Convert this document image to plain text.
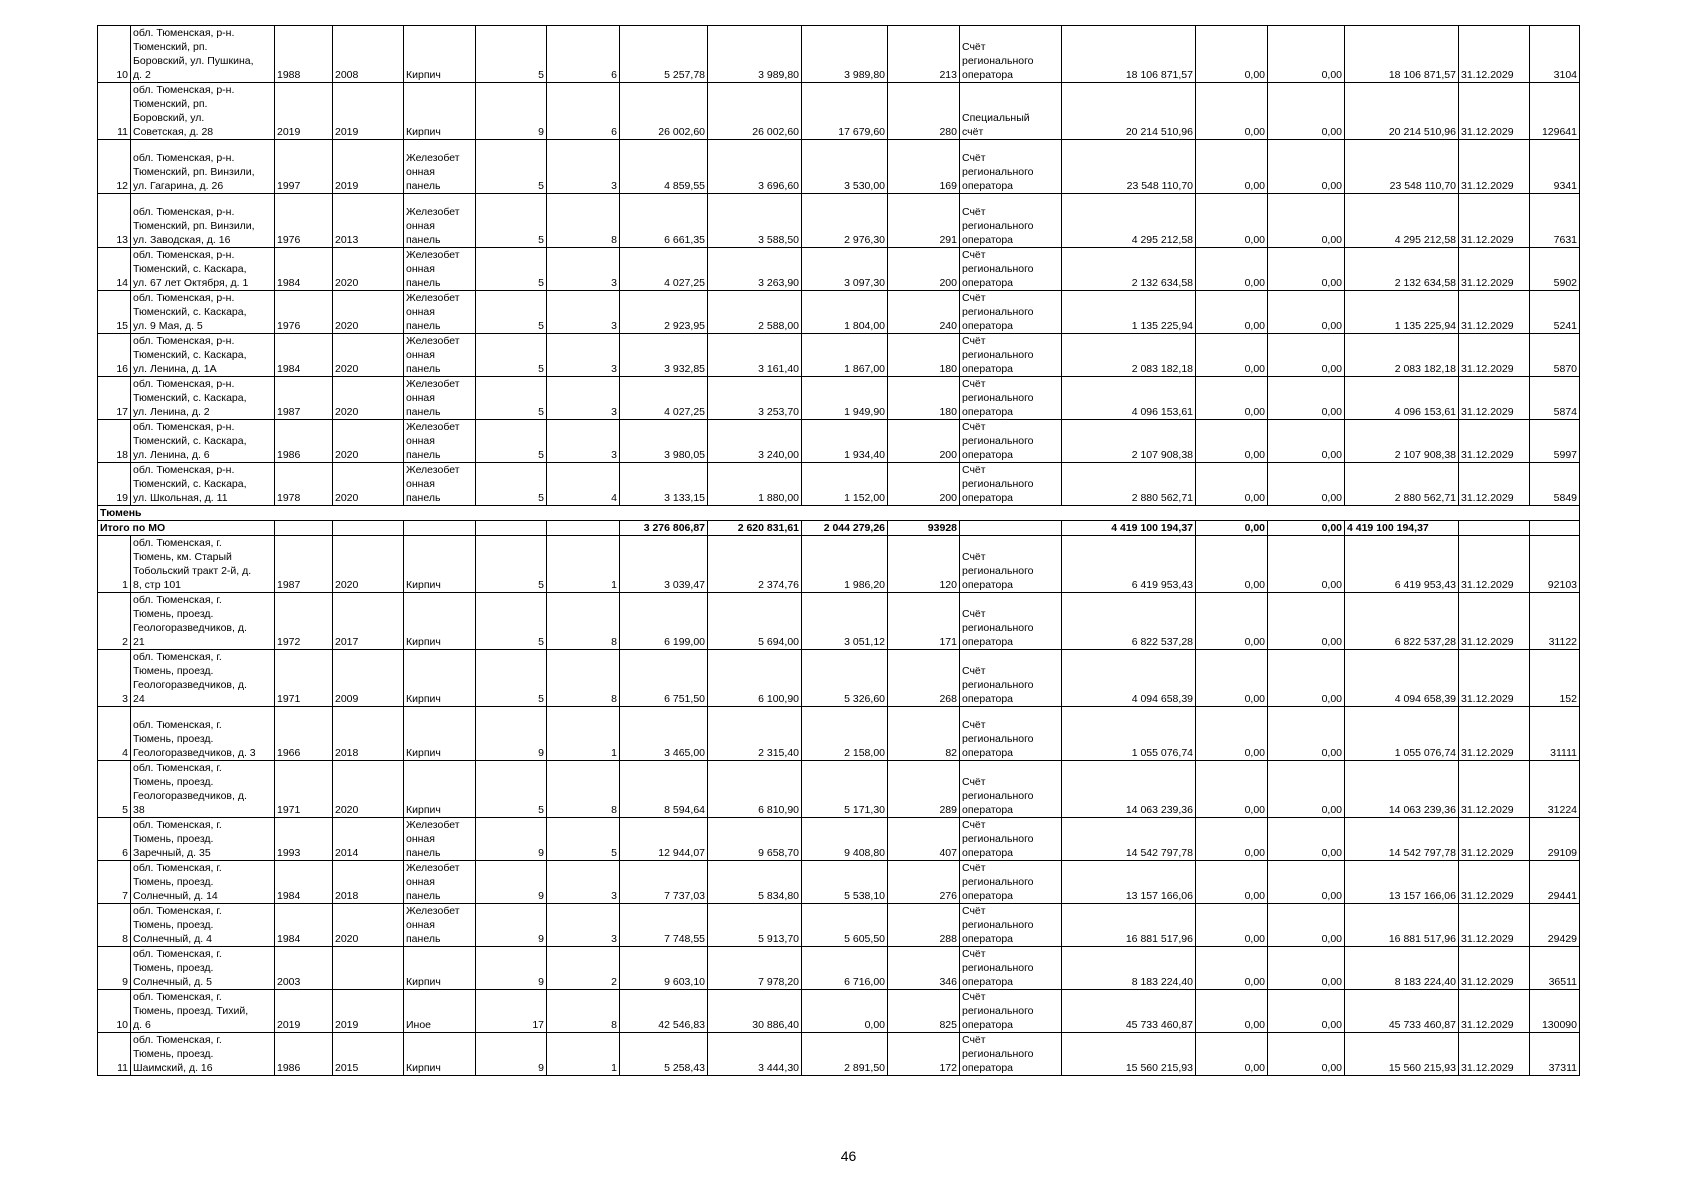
10	обл. Тюменская, р-н.
Тюменский, рп.
Боровский, ул. Пушкина,
д. 2	1988	2008	Кирпич	5	6	5 257,78	3 989,80	3 989,80	213	Счёт
регионального
оператора	18 106 871,57	0,00	0,00	18 106 871,57	31.12.2029	3104
11	обл. Тюменская, р-н.
Тюменский, рп.
Боровский, ул.
Советская, д. 28	2019	2019	Кирпич	9	6	26 002,60	26 002,60	17 679,60	280	Специальный
счёт	20 214 510,96	0,00	0,00	20 214 510,96	31.12.2029	129641
12	обл. Тюменская, р-н.
Тюменский, рп. Винзили,
ул. Гагарина, д. 26	1997	2019	Железобет
онная
панель	5	3	4 859,55	3 696,60	3 530,00	169	Счёт
регионального
оператора	23 548 110,70	0,00	0,00	23 548 110,70	31.12.2029	9341
13	обл. Тюменская, р-н.
Тюменский, рп. Винзили,
ул. Заводская, д. 16	1976	2013	Железобет
онная
панель	5	8	6 661,35	3 588,50	2 976,30	291	Счёт
регионального
оператора	4 295 212,58	0,00	0,00	4 295 212,58	31.12.2029	7631
14	обл. Тюменская, р-н.
Тюменский, с. Каскара,
ул. 67 лет Октября, д. 1	1984	2020	Железобет
онная
панель	5	3	4 027,25	3 263,90	3 097,30	200	Счёт
регионального
оператора	2 132 634,58	0,00	0,00	2 132 634,58	31.12.2029	5902
15	обл. Тюменская, р-н.
Тюменский, с. Каскара,
ул. 9 Мая, д. 5	1976	2020	Железобет
онная
панель	5	3	2 923,95	2 588,00	1 804,00	240	Счёт
регионального
оператора	1 135 225,94	0,00	0,00	1 135 225,94	31.12.2029	5241
16	обл. Тюменская, р-н.
Тюменский, с. Каскара,
ул. Ленина, д. 1А	1984	2020	Железобет
онная
панель	5	3	3 932,85	3 161,40	1 867,00	180	Счёт
регионального
оператора	2 083 182,18	0,00	0,00	2 083 182,18	31.12.2029	5870
17	обл. Тюменская, р-н.
Тюменский, с. Каскара,
ул. Ленина, д. 2	1987	2020	Железобет
онная
панель	5	3	4 027,25	3 253,70	1 949,90	180	Счёт
регионального
оператора	4 096 153,61	0,00	0,00	4 096 153,61	31.12.2029	5874
18	обл. Тюменская, р-н.
Тюменский, с. Каскара,
ул. Ленина, д. 6	1986	2020	Железобет
онная
панель	5	3	3 980,05	3 240,00	1 934,40	200	Счёт
регионального
оператора	2 107 908,38	0,00	0,00	2 107 908,38	31.12.2029	5997
19	обл. Тюменская, р-н.
Тюменский, с. Каскара,
ул. Школьная, д. 11	1978	2020	Железобет
онная
панель	5	4	3 133,15	1 880,00	1 152,00	200	Счёт
регионального
оператора	2 880 562,71	0,00	0,00	2 880 562,71	31.12.2029	5849
Тюмень																	
Итого по МО							3 276 806,87	2 620 831,61	2 044 279,26	93928		4 419 100 194,37	0,00	0,00	4 419 100 194,37		
1	обл. Тюменская, г.
Тюмень, км. Старый
Тобольский тракт 2-й, д.
8, стр 101	1987	2020	Кирпич	5	1	3 039,47	2 374,76	1 986,20	120	Счёт
регионального
оператора	6 419 953,43	0,00	0,00	6 419 953,43	31.12.2029	92103
2	обл. Тюменская, г.
Тюмень, проезд.
Геологоразведчиков, д.
21	1972	2017	Кирпич	5	8	6 199,00	5 694,00	3 051,12	171	Счёт
регионального
оператора	6 822 537,28	0,00	0,00	6 822 537,28	31.12.2029	31122
3	обл. Тюменская, г.
Тюмень, проезд.
Геологоразведчиков, д.
24	1971	2009	Кирпич	5	8	6 751,50	6 100,90	5 326,60	268	Счёт
регионального
оператора	4 094 658,39	0,00	0,00	4 094 658,39	31.12.2029	152
4	обл. Тюменская, г.
Тюмень, проезд.
Геологоразведчиков, д. 3	1966	2018	Кирпич	9	1	3 465,00	2 315,40	2 158,00	82	Счёт
регионального
оператора	1 055 076,74	0,00	0,00	1 055 076,74	31.12.2029	31111
5	обл. Тюменская, г.
Тюмень, проезд.
Геологоразведчиков, д.
38	1971	2020	Кирпич	5	8	8 594,64	6 810,90	5 171,30	289	Счёт
регионального
оператора	14 063 239,36	0,00	0,00	14 063 239,36	31.12.2029	31224
6	обл. Тюменская, г.
Тюмень, проезд.
Заречный, д. 35	1993	2014	Железобет
онная
панель	9	5	12 944,07	9 658,70	9 408,80	407	Счёт
регионального
оператора	14 542 797,78	0,00	0,00	14 542 797,78	31.12.2029	29109
7	обл. Тюменская, г.
Тюмень, проезд.
Солнечный, д. 14	1984	2018	Железобет
онная
панель	9	3	7 737,03	5 834,80	5 538,10	276	Счёт
регионального
оператора	13 157 166,06	0,00	0,00	13 157 166,06	31.12.2029	29441
8	обл. Тюменская, г.
Тюмень, проезд.
Солнечный, д. 4	1984	2020	Железобет
онная
панель	9	3	7 748,55	5 913,70	5 605,50	288	Счёт
регионального
оператора	16 881 517,96	0,00	0,00	16 881 517,96	31.12.2029	29429
9	обл. Тюменская, г.
Тюмень, проезд.
Солнечный, д. 5	2003		Кирпич	9	2	9 603,10	7 978,20	6 716,00	346	Счёт
регионального
оператора	8 183 224,40	0,00	0,00	8 183 224,40	31.12.2029	36511
10	обл. Тюменская, г.
Тюмень, проезд. Тихий,
д. 6	2019	2019	Иное	17	8	42 546,83	30 886,40	0,00	825	Счёт
регионального
оператора	45 733 460,87	0,00	0,00	45 733 460,87	31.12.2029	130090
11	обл. Тюменская, г.
Тюмень, проезд.
Шаимский, д. 16	1986	2015	Кирпич	9	1	5 258,43	3 444,30	2 891,50	172	Счёт
регионального
оператора	15 560 215,93	0,00	0,00	15 560 215,93	31.12.2029	37311
46
